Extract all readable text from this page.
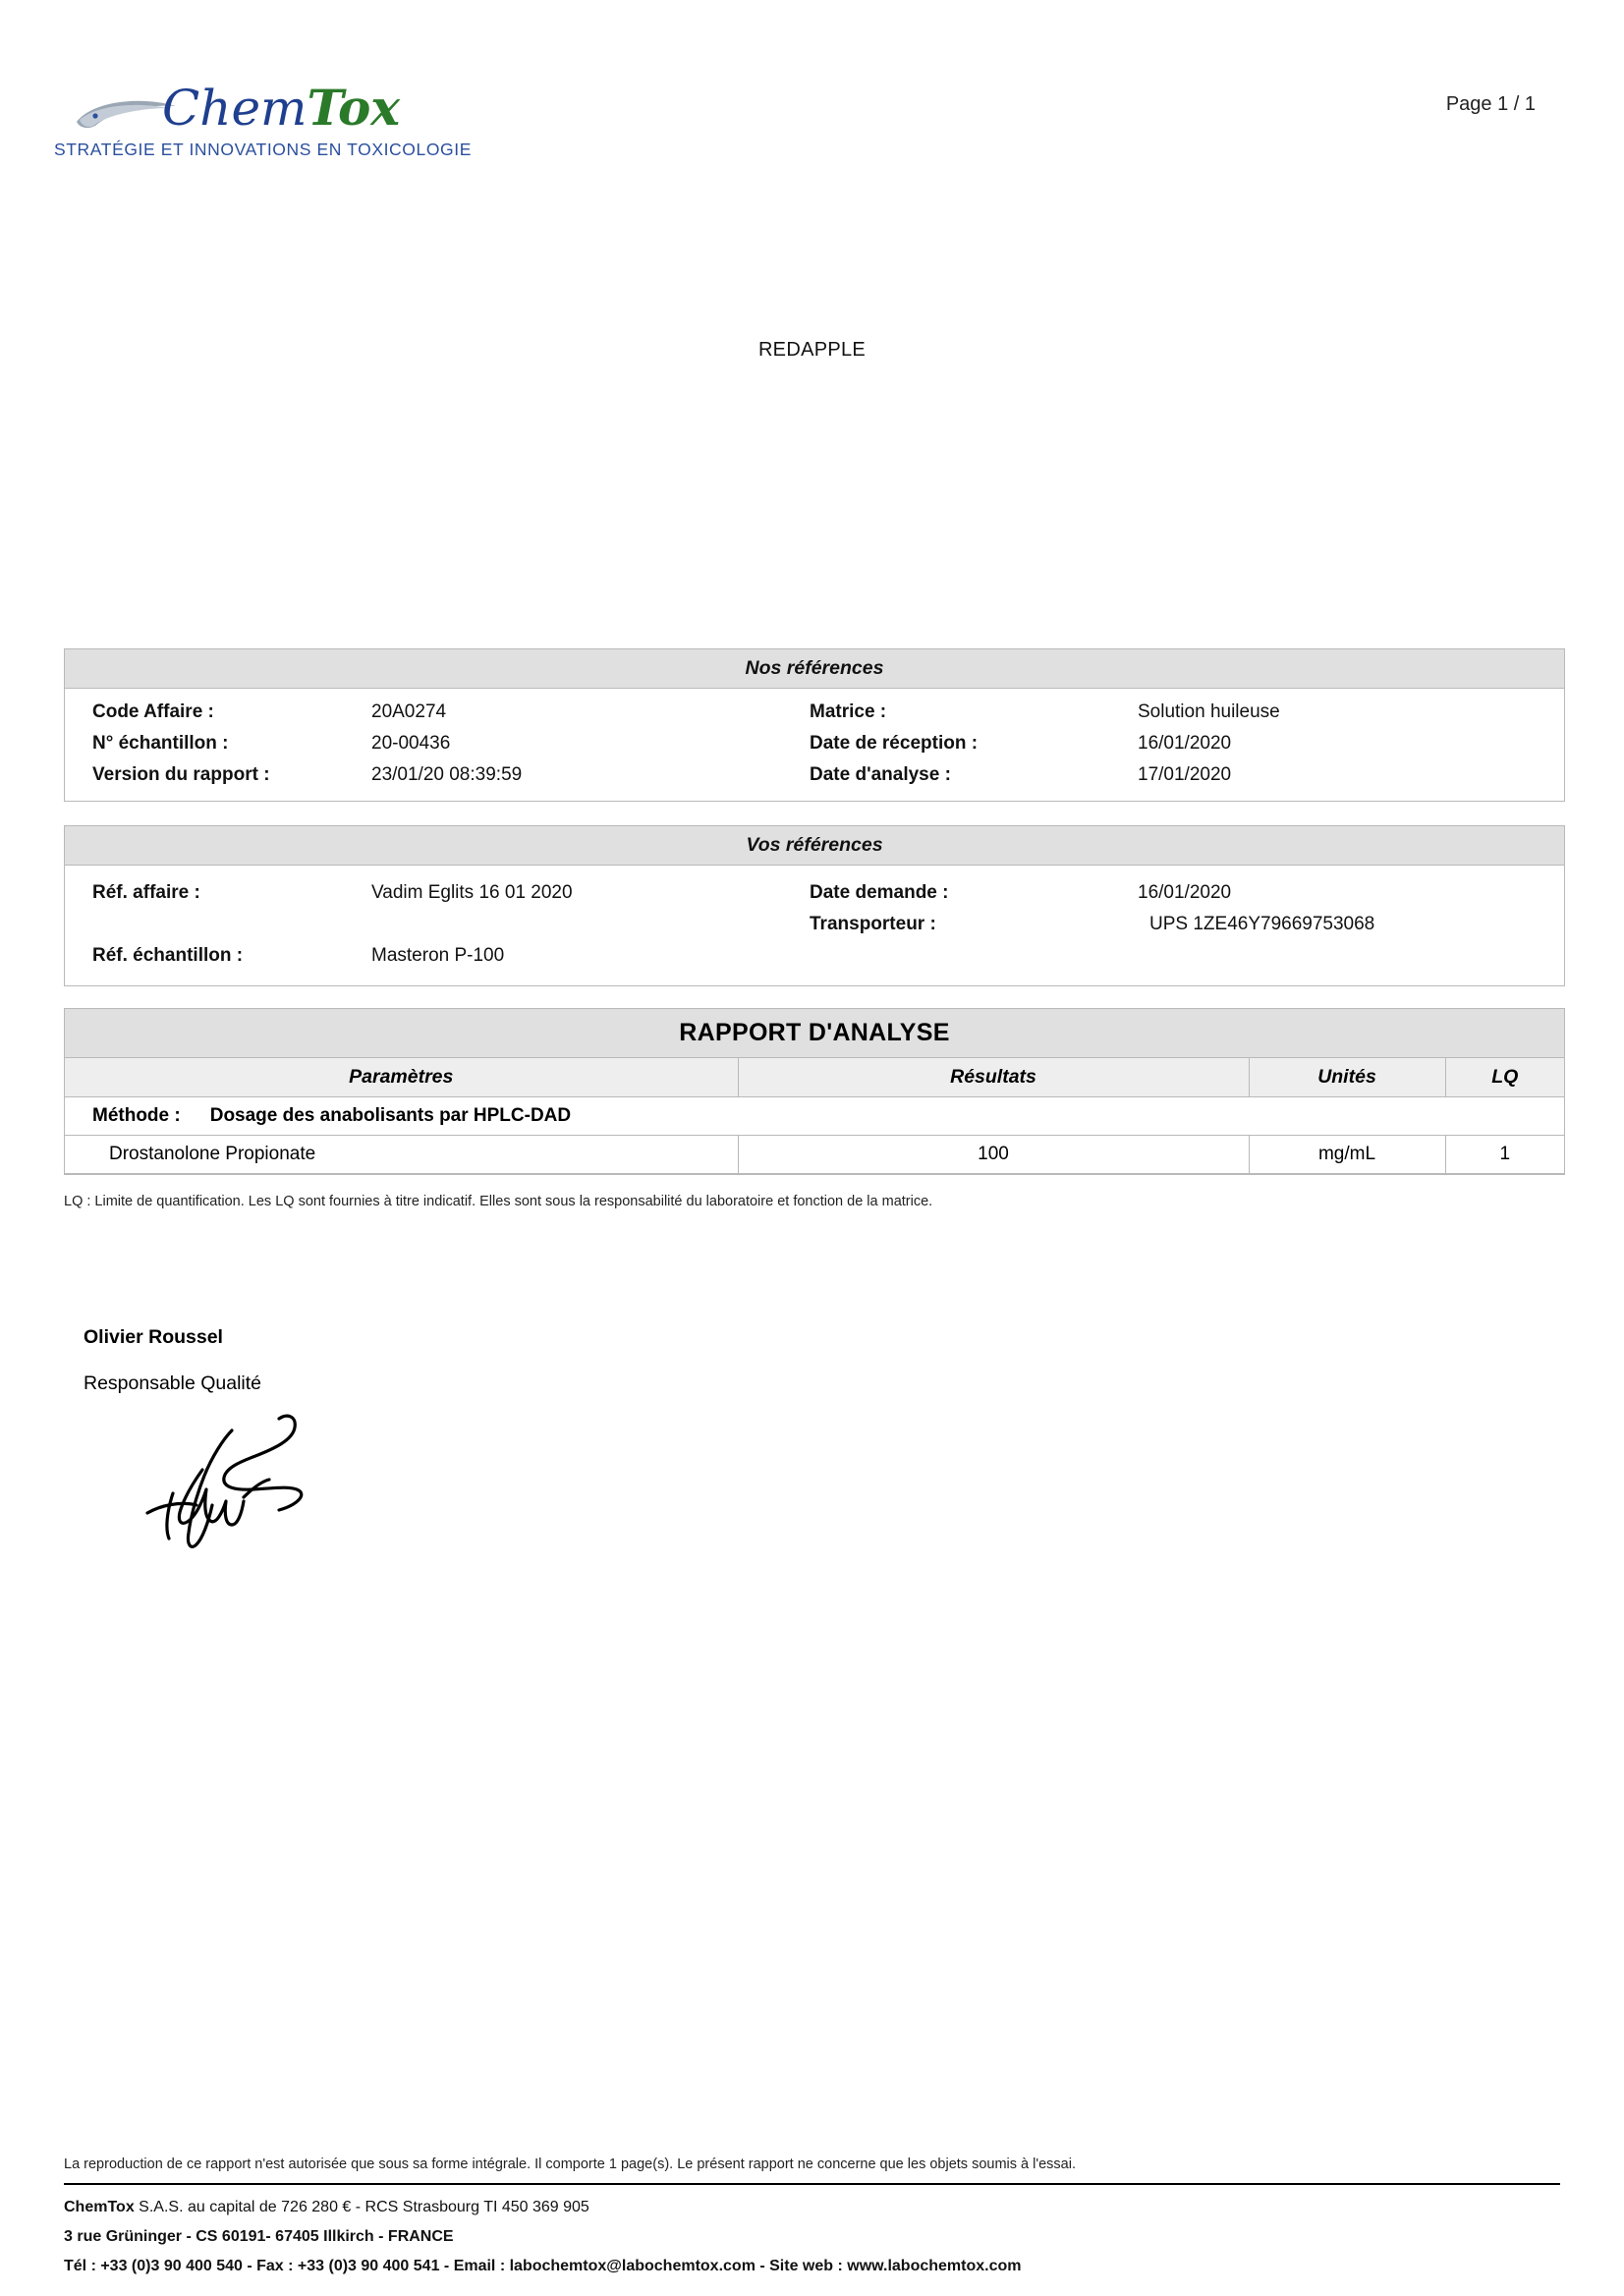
ChemTox
STRATÉGIE ET INNOVATIONS EN TOXICOLOGIE
Page 1 / 1
REDAPPLE
Nos références
Code Affaire :	20A0274	Matrice :	Solution huileuse
N° échantillon :	20-00436	Date de réception :	16/01/2020
Version du rapport :	23/01/20 08:39:59	Date d'analyse :	17/01/2020
Vos références
Réf. affaire :	Vadim Eglits 16 01 2020	Date demande :	16/01/2020
Transporteur :	UPS 1ZE46Y79669753068
Réf. échantillon :	Masteron P-100
RAPPORT D'ANALYSE
Paramètres	Résultats	Unités	LQ
Méthode : Dosage des anabolisants par HPLC-DAD			
Drostanolone Propionate	100	mg/mL	1
LQ : Limite de quantification. Les LQ sont fournies à titre indicatif. Elles sont sous la responsabilité du laboratoire et fonction de la matrice.
Olivier Roussel
Responsable Qualité
La reproduction de ce rapport n'est autorisée que sous sa forme intégrale. Il comporte 1 page(s). Le présent rapport ne concerne que les objets soumis à l'essai.
ChemTox S.A.S. au capital de 726 280 € - RCS Strasbourg TI 450 369 905
3 rue Grüninger - CS 60191- 67405 Illkirch - FRANCE
Tél : +33 (0)3 90 400 540 - Fax : +33 (0)3 90 400 541 - Email : labochemtox@labochemtox.com - Site web : www.labochemtox.com
